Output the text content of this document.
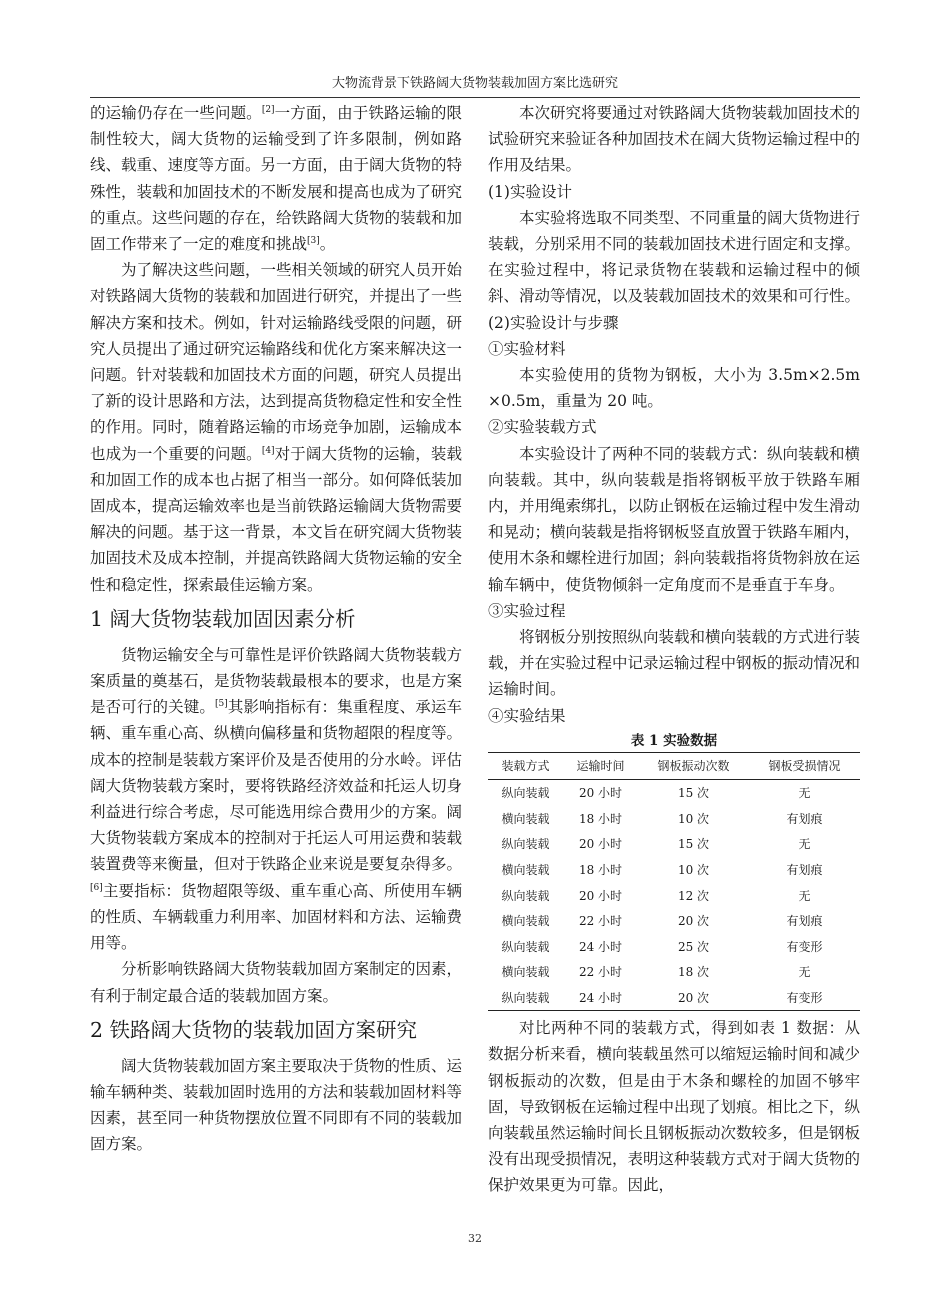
大物流背景下铁路阔大货物装载加固方案比选研究

的运输仍存在一些问题。[2]一方面，由于铁路运输的限制性较大，阔大货物的运输受到了许多限制，例如路线、载重、速度等方面。另一方面，由于阔大货物的特殊性，装载和加固技术的不断发展和提高也成为了研究的重点。这些问题的存在，给铁路阔大货物的装载和加固工作带来了一定的难度和挑战[3]。

为了解决这些问题，一些相关领域的研究人员开始对铁路阔大货物的装载和加固进行研究，并提出了一些解决方案和技术。例如，针对运输路线受限的问题，研究人员提出了通过研究运输路线和优化方案来解决这一问题。针对装载和加固技术方面的问题，研究人员提出了新的设计思路和方法，达到提高货物稳定性和安全性的作用。同时，随着路运输的市场竞争加剧，运输成本也成为一个重要的问题。[4]对于阔大货物的运输，装载和加固工作的成本也占据了相当一部分。如何降低装加固成本，提高运输效率也是当前铁路运输阔大货物需要解决的问题。基于这一背景，本文旨在研究阔大货物装加固技术及成本控制，并提高铁路阔大货物运输的安全性和稳定性，探索最佳运输方案。

1 阔大货物装载加固因素分析

货物运输安全与可靠性是评价铁路阔大货物装载方案质量的奠基石，是货物装载最根本的要求，也是方案是否可行的关键。[5]其影响指标有：集重程度、承运车辆、重车重心高、纵横向偏移量和货物超限的程度等。成本的控制是装载方案评价及是否使用的分水岭。评估阔大货物装载方案时，要将铁路经济效益和托运人切身利益进行综合考虑，尽可能选用综合费用少的方案。阔大货物装载方案成本的控制对于托运人可用运费和装载装置费等来衡量，但对于铁路企业来说是要复杂得多。[6]主要指标：货物超限等级、重车重心高、所使用车辆的性质、车辆载重力利用率、加固材料和方法、运输费用等。

分析影响铁路阔大货物装载加固方案制定的因素，有利于制定最合适的装载加固方案。

2 铁路阔大货物的装载加固方案研究

阔大货物装载加固方案主要取决于货物的性质、运输车辆种类、装载加固时选用的方法和装载加固材料等因素，甚至同一种货物摆放位置不同即有不同的装载加固方案。

本次研究将要通过对铁路阔大货物装载加固技术的试验研究来验证各种加固技术在阔大货物运输过程中的作用及结果。

(1)实验设计

本实验将选取不同类型、不同重量的阔大货物进行装载，分别采用不同的装载加固技术进行固定和支撑。在实验过程中，将记录货物在装载和运输过程中的倾斜、滑动等情况，以及装载加固技术的效果和可行性。

(2)实验设计与步骤

①实验材料

本实验使用的货物为钢板，大小为 3.5m×2.5m ×0.5m，重量为 20 吨。

②实验装载方式

本实验设计了两种不同的装载方式：纵向装载和横向装载。其中，纵向装载是指将钢板平放于铁路车厢内，并用绳索绑扎，以防止钢板在运输过程中发生滑动和晃动；横向装载是指将钢板竖直放置于铁路车厢内，使用木条和螺栓进行加固；斜向装载指将货物斜放在运输车辆中，使货物倾斜一定角度而不是垂直于车身。

③实验过程

将钢板分别按照纵向装载和横向装载的方式进行装载，并在实验过程中记录运输过程中钢板的振动情况和运输时间。

④实验结果

表 1 实验数据
装载方式	运输时间	钢板振动次数	钢板受损情况
纵向装载	20 小时	15 次	无
横向装载	18 小时	10 次	有划痕
纵向装载	20 小时	15 次	无
横向装载	18 小时	10 次	有划痕
纵向装载	20 小时	12 次	无
横向装载	22 小时	20 次	有划痕
纵向装载	24 小时	25 次	有变形
横向装载	22 小时	18 次	无
纵向装载	24 小时	20 次	有变形

对比两种不同的装载方式，得到如表 1 数据：从数据分析来看，横向装载虽然可以缩短运输时间和减少钢板振动的次数，但是由于木条和螺栓的加固不够牢固，导致钢板在运输过程中出现了划痕。相比之下，纵向装载虽然运输时间长且钢板振动次数较多，但是钢板没有出现受损情况，表明这种装载方式对于阔大货物的保护效果更为可靠。因此，

32
